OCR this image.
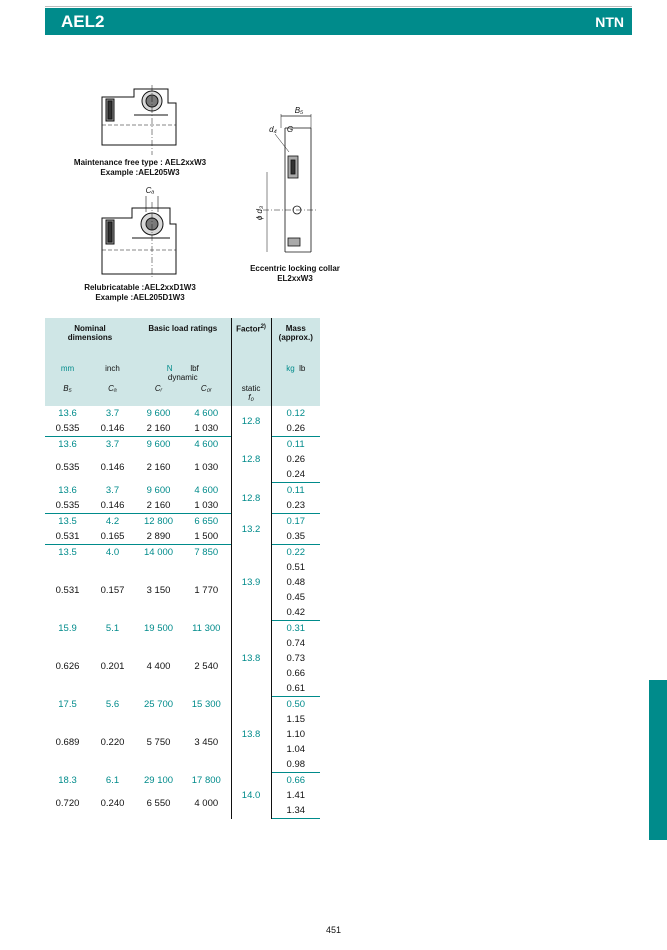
AEL2	NTN
Maintenance free type : AEL2xxW3
Example :AEL205W3
Cₐ
Relubricatable :AEL2xxD1W3
Example :AEL205D1W3
B₅
d₄ G
ϕ d₃
Eccentric locking collar
EL2xxW3
Nominal
dimensions		Basic load ratings		Factor$^{2)}$	Mass
(approx.)
mm	inch	N lbf
dynamic			kg lb
B₅	Cₐ	Cᵣ	C₀ᵣ	static
f₀	
13.6	3.7	9 600	4 600	12.8	0.12
0.535	0.146	2 160	1 030		0.26
13.6	3.7	9 600	4 600	12.8	0.11
0.535	0.146	2 160	1 030		0.26
					0.24
13.6	3.7	9 600	4 600	12.8	0.11
0.535	0.146	2 160	1 030		0.23
13.5	4.2	12 800	6 650	13.2	0.17
0.531	0.165	2 890	1 500		0.35
13.5	4.0	14 000	7 850	13.9	0.22
0.531	0.157	3 150	1 770		0.51
					0.48
					0.45
					0.42
15.9	5.1	19 500	11 300	13.8	0.31
0.626	0.201	4 400	2 540		0.74
					0.73
					0.66
					0.61
17.5	5.6	25 700	15 300	13.8	0.50
0.689	0.220	5 750	3 450		1.15
					1.10
					1.04
					0.98
18.3	6.1	29 100	17 800	14.0	0.66
0.720	0.240	6 550	4 000		1.41
					1.34
451
